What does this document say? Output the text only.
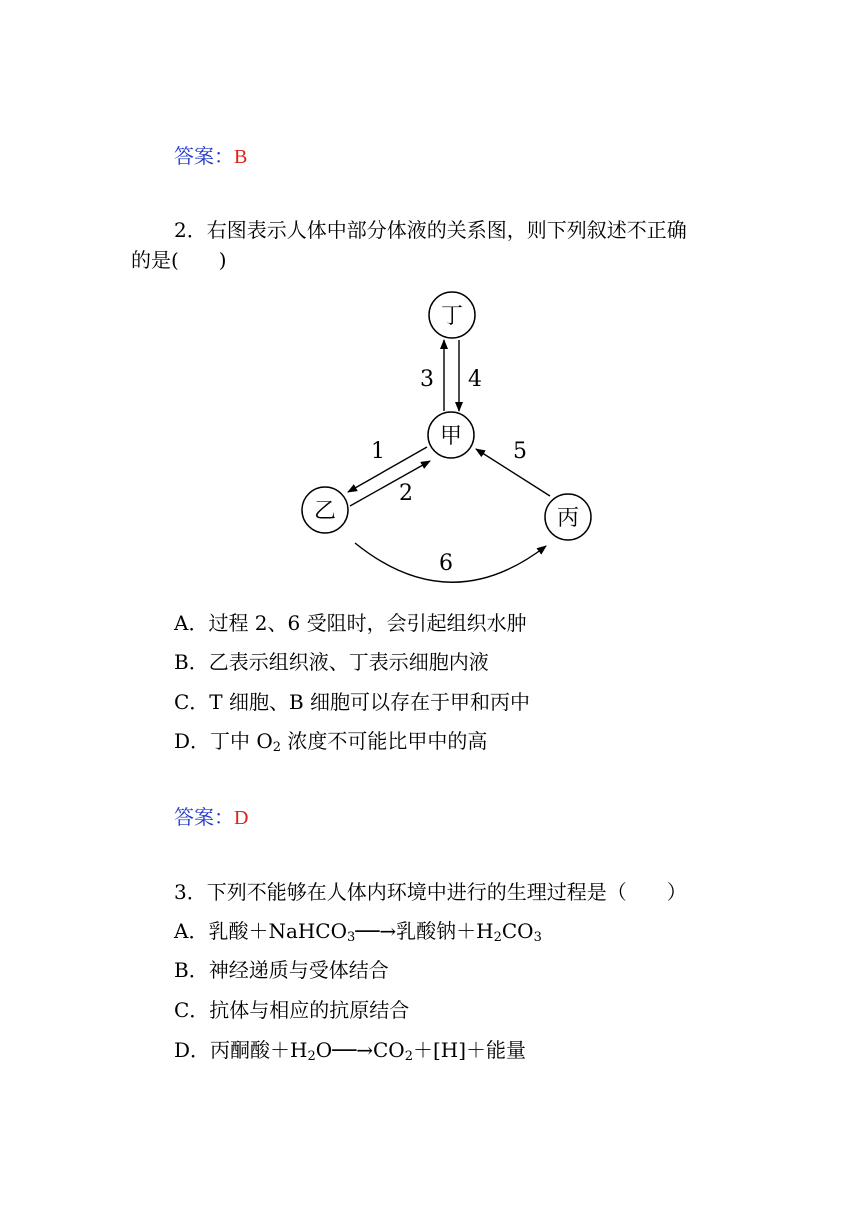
答案：B
2．右图表示人体中部分体液的关系图，则下列叙述不正确
的是(　　)
丁
甲
乙	丙
3 4
1
2
5
6
A．过程 2、6 受阻时，会引起组织水肿
B．乙表示组织液、丁表示细胞内液
C．T 细胞、B 细胞可以存在于甲和丙中
D．丁中 $O_2$ 浓度不可能比甲中的高
答案：D
3．下列不能够在人体内环境中进行的生理过程是（　　）
A．乳酸＋NaHCO$_3$──→乳酸钠$+H_2CO_3$
B．神经递质与受体结合
C．抗体与相应的抗原结合
D．丙酮酸$+H_2O──\to CO_2+[H]+$能量
